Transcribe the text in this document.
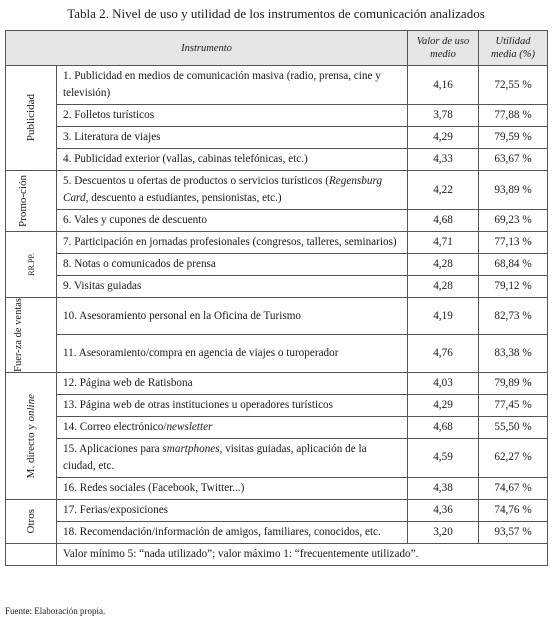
Tabla 2. Nivel de uso y utilidad de los instrumentos de comunicación analizados
Instrumento		Valor de uso medio	Utilidad media (%)

Publicidad	1. Publicidad en medios de comunicación masiva (radio, prensa, cine y televisión)	4,16	72,55 %
	2. Folletos turísticos	3,78	77,88 %
	3. Literatura de viajes	4,29	79,59 %
	4. Publicidad exterior (vallas, cabinas telefónicas, etc.)	4,33	63,67 %

Promo-ción	5. Descuentos u ofertas de productos o servicios turísticos (Regensburg Card, descuento a estudiantes, pensionistas, etc.)	4,22	93,89 %
	6. Vales y cupones de descuento	4,68	69,23 %

RR.PP.	7. Participación en jornadas profesionales (congresos, talleres, seminarios)	4,71	77,13 %
	8. Notas o comunicados de prensa	4,28	68,84 %
	9. Visitas guiadas	4,28	79,12 %

Fuer-za de ventas	10. Asesoramiento personal en la Oficina de Turismo	4,19	82,73 %
	11. Asesoramiento/compra en agencia de viajes o turoperador	4,76	83,38 %

M. directo y online	12. Página web de Ratisbona	4,03	79,89 %
	13. Página web de otras instituciones u operadores turísticos	4,29	77,45 %
	14. Correo electrónico/newsletter	4,68	55,50 %
	15. Aplicaciones para smartphones, visitas guiadas, aplicación de la ciudad, etc.	4,59	62,27 %
	16. Redes sociales (Facebook, Twitter...)	4,38	74,67 %

Otros	17. Ferias/exposiciones	4,36	74,76 %
	18. Recomendación/información de amigos, familiares, conocidos, etc.	3,20	93,57 %
	Valor mínimo 5: “nada utilizado”; valor máximo 1: “frecuentemente utilizado”.		
Fuente: Elaboración propia.
